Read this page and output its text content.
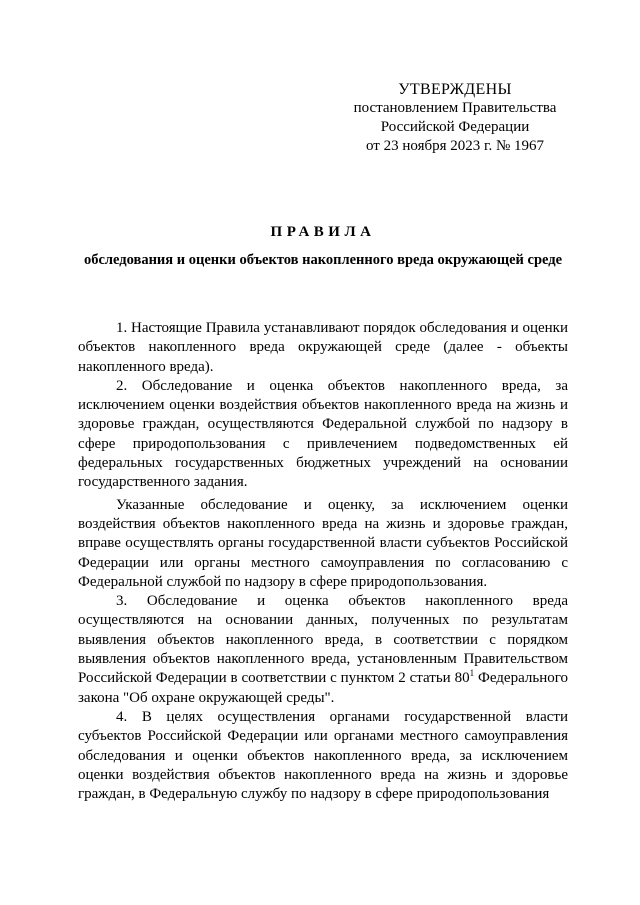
УТВЕРЖДЕНЫ
постановлением Правительства
Российской Федерации
от 23 ноября 2023 г. № 1967

ПРАВИЛА

обследования и оценки объектов накопленного вреда окружающей среде

1. Настоящие Правила устанавливают порядок обследования и оценки объектов накопленного вреда окружающей среде (далее - объекты накопленного вреда).

2. Обследование и оценка объектов накопленного вреда, за исключением оценки воздействия объектов накопленного вреда на жизнь и здоровье граждан, осуществляются Федеральной службой по надзору в сфере природопользования с привлечением подведомственных ей федеральных государственных бюджетных учреждений на основании государственного задания.

Указанные обследование и оценку, за исключением оценки воздействия объектов накопленного вреда на жизнь и здоровье граждан, вправе осуществлять органы государственной власти субъектов Российской Федерации или органы местного самоуправления по согласованию с Федеральной службой по надзору в сфере природопользования.

3. Обследование и оценка объектов накопленного вреда осуществляются на основании данных, полученных по результатам выявления объектов накопленного вреда, в соответствии с порядком выявления объектов накопленного вреда, установленным Правительством Российской Федерации в соответствии с пунктом 2 статьи $80^1$ Федерального закона "Об охране окружающей среды".

4. В целях осуществления органами государственной власти субъектов Российской Федерации или органами местного самоуправления обследования и оценки объектов накопленного вреда, за исключением оценки воздействия объектов накопленного вреда на жизнь и здоровье граждан, в Федеральную службу по надзору в сфере природопользования
